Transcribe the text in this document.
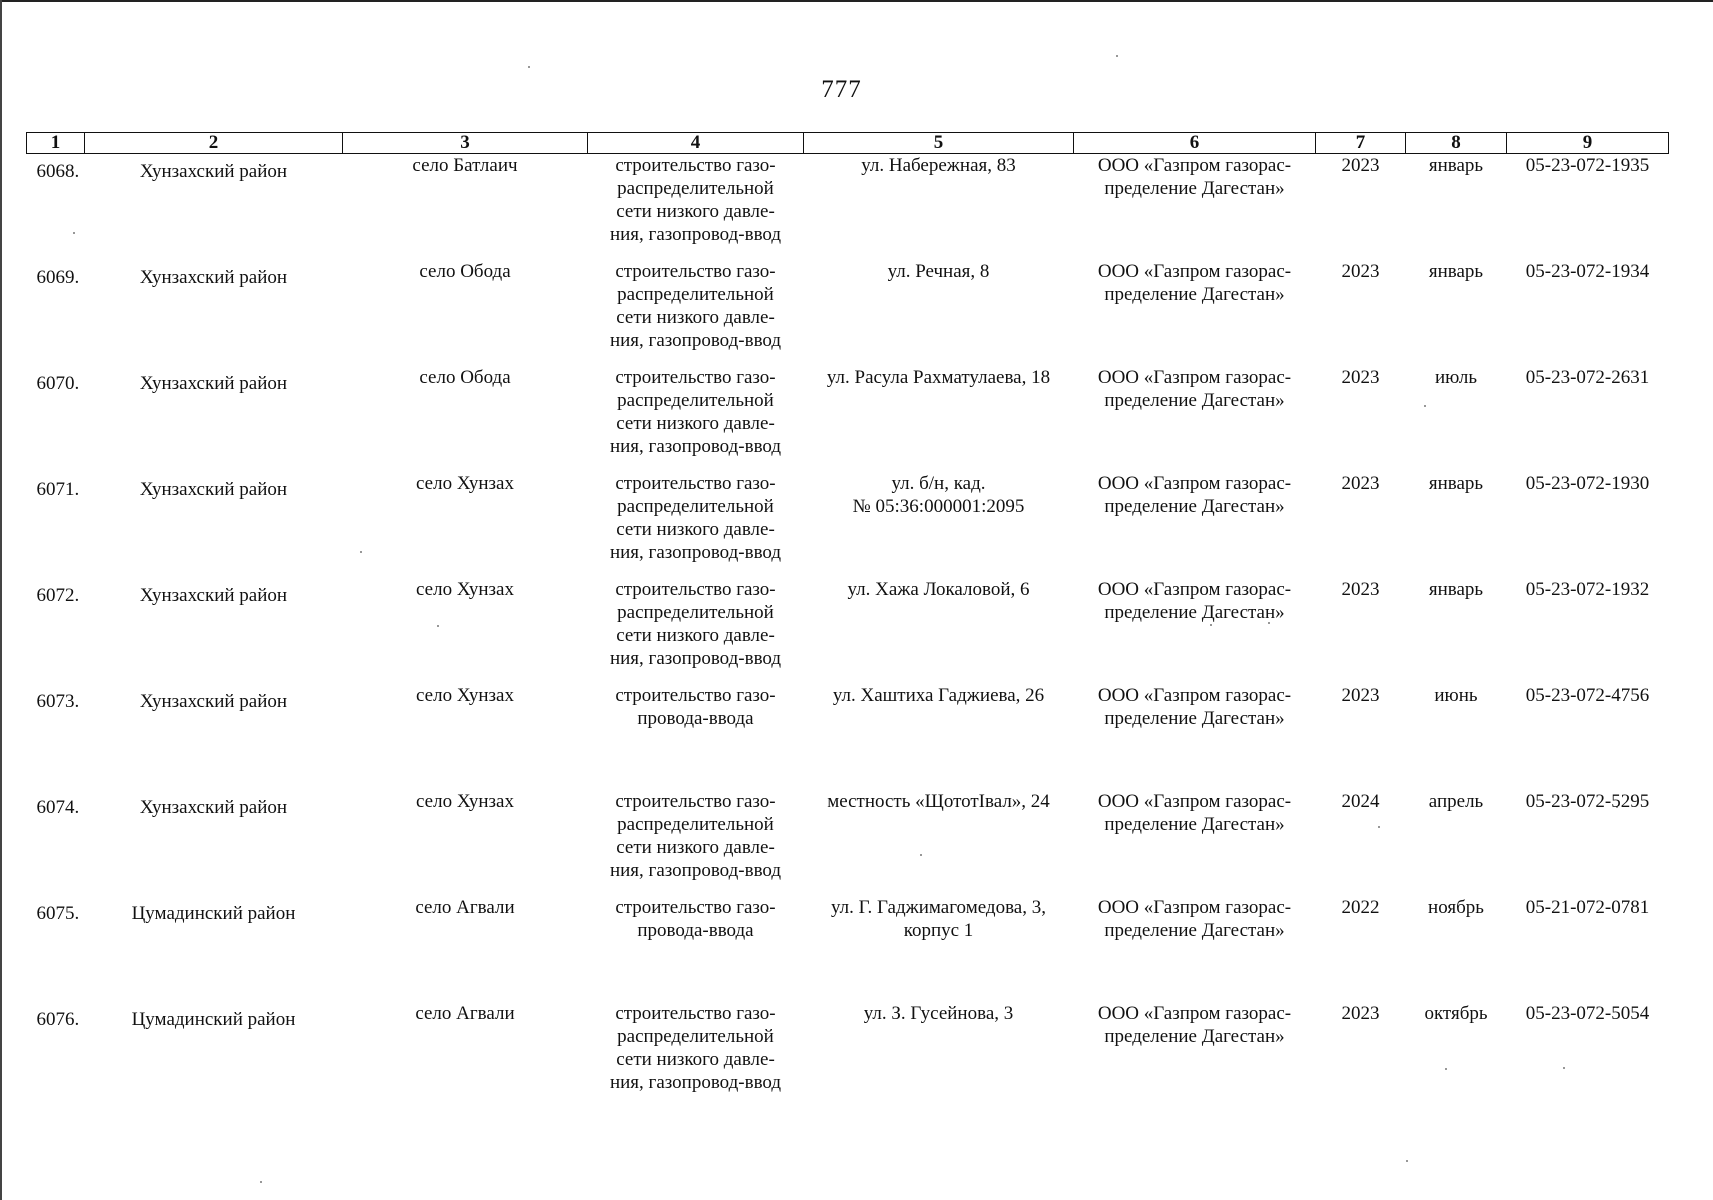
777
1	2	3	4	5	6	7	8	9
6068.	Хунзахский район	село Батлаич	строительство газо-
распределительной
сети низкого давле-
ния, газопровод-ввод	ул. Набережная, 83	ООО «Газпром газорас-
пределение Дагестан»	2023	январь	05-23-072-1935
6069.	Хунзахский район	село Обода	строительство газо-
распределительной
сети низкого давле-
ния, газопровод-ввод	ул. Речная, 8	ООО «Газпром газорас-
пределение Дагестан»	2023	январь	05-23-072-1934
6070.	Хунзахский район	село Обода	строительство газо-
распределительной
сети низкого давле-
ния, газопровод-ввод	ул. Расула Рахматулаева, 18	ООО «Газпром газорас-
пределение Дагестан»	2023	июль	05-23-072-2631
6071.	Хунзахский район	село Хунзах	строительство газо-
распределительной
сети низкого давле-
ния, газопровод-ввод	ул. б/н, кад.
№ 05:36:000001:2095	ООО «Газпром газорас-
пределение Дагестан»	2023	январь	05-23-072-1930
6072.	Хунзахский район	село Хунзах	строительство газо-
распределительной
сети низкого давле-
ния, газопровод-ввод	ул. Хажа Локаловой, 6	ООО «Газпром газорас-
пределение Дагестан»	2023	январь	05-23-072-1932
6073.	Хунзахский район	село Хунзах	строительство газо-
провода-ввода	ул. Хаштиха Гаджиева, 26	ООО «Газпром газорас-
пределение Дагестан»	2023	июнь	05-23-072-4756
6074.	Хунзахский район	село Хунзах	строительство газо-
распределительной
сети низкого давле-
ния, газопровод-ввод	местность «ЩототIвал», 24	ООО «Газпром газорас-
пределение Дагестан»	2024	апрель	05-23-072-5295
6075.	Цумадинский район	село Агвали	строительство газо-
провода-ввода	ул. Г. Гаджимагомедова, 3,
корпус 1	ООО «Газпром газорас-
пределение Дагестан»	2022	ноябрь	05-21-072-0781
6076.	Цумадинский район	село Агвали	строительство газо-
распределительной
сети низкого давле-
ния, газопровод-ввод	ул. З. Гусейнова, 3	ООО «Газпром газорас-
пределение Дагестан»	2023	октябрь	05-23-072-5054
